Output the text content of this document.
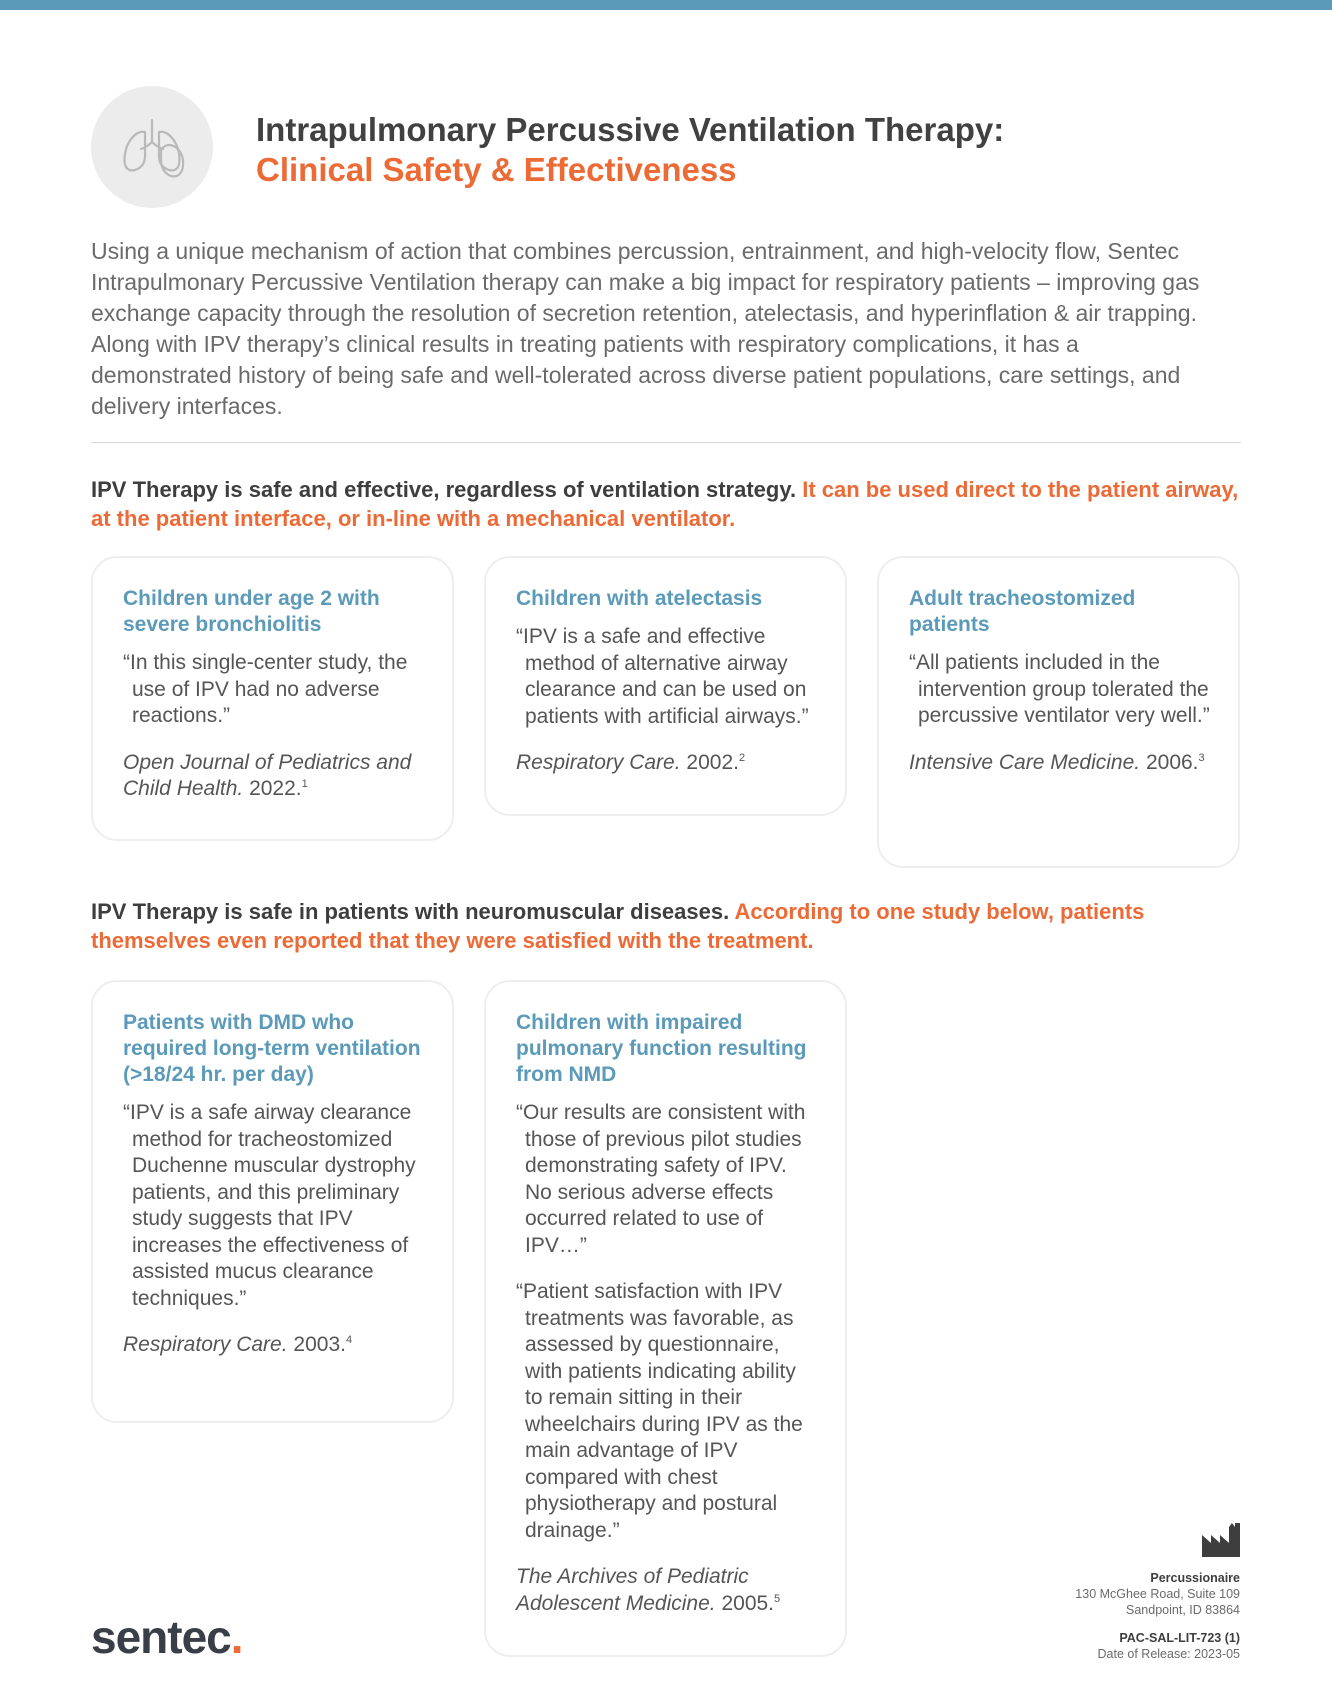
Intrapulmonary Percussive Ventilation Therapy:
Clinical Safety & Effectiveness

Using a unique mechanism of action that combines percussion, entrainment, and high-velocity flow, Sentec Intrapulmonary Percussive Ventilation therapy can make a big impact for respiratory patients – improving gas exchange capacity through the resolution of secretion retention, atelectasis, and hyperinflation & air trapping. Along with IPV therapy’s clinical results in treating patients with respiratory complications, it has a demonstrated history of being safe and well-tolerated across diverse patient populations, care settings, and delivery interfaces.

IPV Therapy is safe and effective, regardless of ventilation strategy. It can be used direct to the patient airway, at the patient interface, or in-line with a mechanical ventilator.
Children under age 2 with severe bronchiolitis

“In this single-center study, the use of IPV had no adverse reactions.”

Open Journal of Pediatrics and Child Health. 2022.$^1$

Children with atelectasis

“IPV is a safe and effective method of alternative airway clearance and can be used on patients with artificial airways.”

Respiratory Care. 2002.$^2$

Adult tracheostomized patients

“All patients included in the intervention group tolerated the percussive ventilator very well.”

Intensive Care Medicine. 2006.$^3$

IPV Therapy is safe in patients with neuromuscular diseases. According to one study below, patients themselves even reported that they were satisfied with the treatment.
Patients with DMD who required long-term ventilation (>18/24 hr. per day)

“IPV is a safe airway clearance method for tracheostomized Duchenne muscular dystrophy patients, and this preliminary study suggests that IPV increases the effectiveness of assisted mucus clearance techniques.”

Respiratory Care. 2003.$^4$

Children with impaired pulmonary function resulting from NMD

“Our results are consistent with those of previous pilot studies demonstrating safety of IPV. No serious adverse effects occurred related to use of IPV…”

“Patient satisfaction with IPV treatments was favorable, as assessed by questionnaire, with patients indicating ability to remain sitting in their wheelchairs during IPV as the main advantage of IPV compared with chest physiotherapy and postural drainage.”

The Archives of Pediatric Adolescent Medicine. 2005.$^5$

Percussionaire
130 McGhee Road, Suite 109
Sandpoint, ID 83864
PAC-SAL-LIT-723 (1)
Date of Release: 2023-05
sentec.
